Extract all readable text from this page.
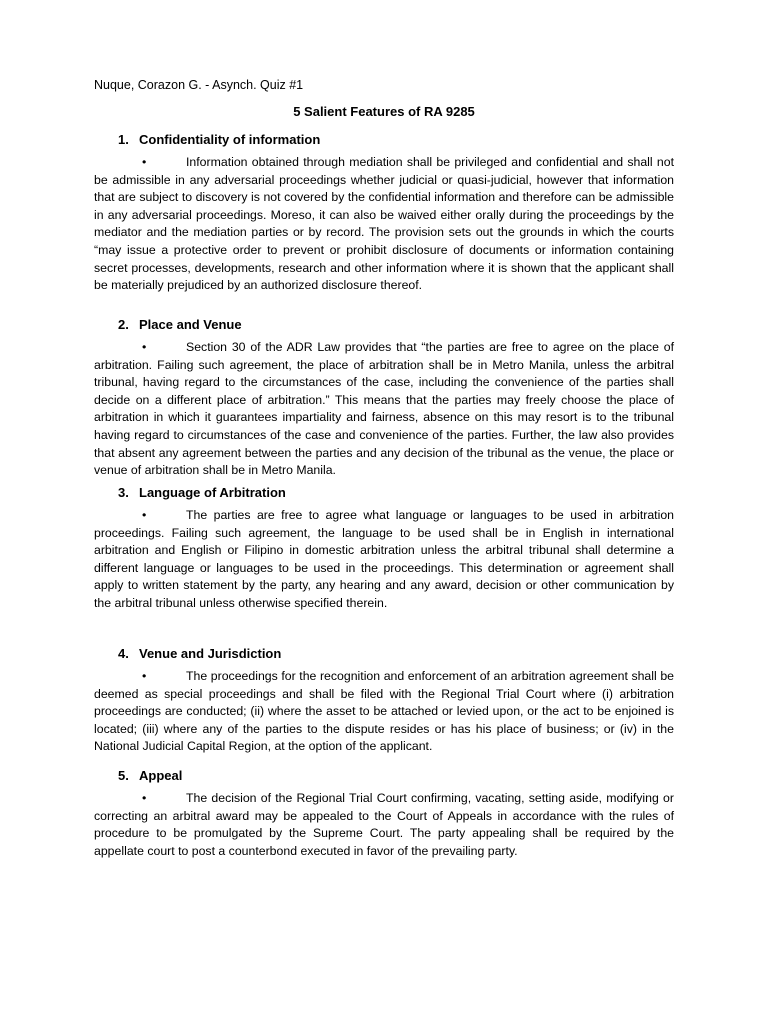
Nuque, Corazon G. - Asynch. Quiz #1
5 Salient Features of RA 9285
1. Confidentiality of information
•	Information obtained through mediation shall be privileged and confidential and shall not be admissible in any adversarial proceedings whether judicial or quasi-judicial, however that information that are subject to discovery is not covered by the confidential information and therefore can be admissible in any adversarial proceedings. Moreso, it can also be waived either orally during the proceedings by the mediator and the mediation parties or by record. The provision sets out the grounds in which the courts “may issue a protective order to prevent or prohibit disclosure of documents or information containing secret processes, developments, research and other information where it is shown that the applicant shall be materially prejudiced by an authorized disclosure thereof.
2. Place and Venue
•	Section 30 of the ADR Law provides that “the parties are free to agree on the place of arbitration. Failing such agreement, the place of arbitration shall be in Metro Manila, unless the arbitral tribunal, having regard to the circumstances of the case, including the convenience of the parties shall decide on a different place of arbitration.” This means that the parties may freely choose the place of arbitration in which it guarantees impartiality and fairness, absence on this may resort is to the tribunal having regard to circumstances of the case and convenience of the parties. Further, the law also provides that absent any agreement between the parties and any decision of the tribunal as the venue, the place or venue of arbitration shall be in Metro Manila.
3. Language of Arbitration
•	The parties are free to agree what language or languages to be used in arbitration proceedings. Failing such agreement, the language to be used shall be in English in international arbitration and English or Filipino in domestic arbitration unless the arbitral tribunal shall determine a different language or languages to be used in the proceedings. This determination or agreement shall apply to written statement by the party, any hearing and any award, decision or other communication by the arbitral tribunal unless otherwise specified therein.
4. Venue and Jurisdiction
•	The proceedings for the recognition and enforcement of an arbitration agreement shall be deemed as special proceedings and shall be filed with the Regional Trial Court where (i) arbitration proceedings are conducted; (ii) where the asset to be attached or levied upon, or the act to be enjoined is located; (iii) where any of the parties to the dispute resides or has his place of business; or (iv) in the National Judicial Capital Region, at the option of the applicant.
5. Appeal
•	The decision of the Regional Trial Court confirming, vacating, setting aside, modifying or correcting an arbitral award may be appealed to the Court of Appeals in accordance with the rules of procedure to be promulgated by the Supreme Court. The party appealing shall be required by the appellate court to post a counterbond executed in favor of the prevailing party.
